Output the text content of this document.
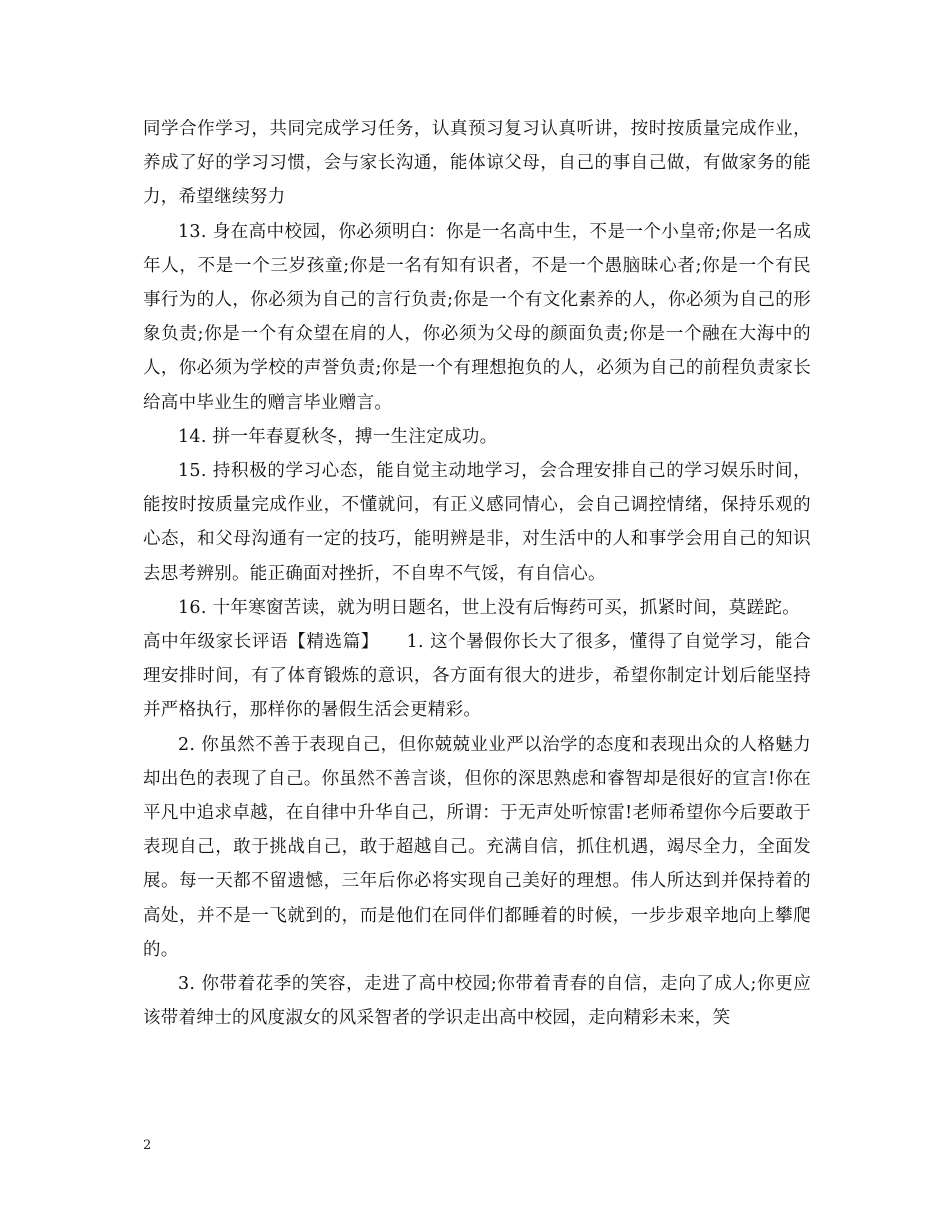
同学合作学习，共同完成学习任务，认真预习复习认真听讲，按时按质量完成作业，养成了好的学习习惯，会与家长沟通，能体谅父母，自己的事自己做，有做家务的能力，希望继续努力

13. 身在高中校园，你必须明白：你是一名高中生，不是一个小皇帝;你是一名成年人，不是一个三岁孩童;你是一名有知有识者，不是一个愚脑昧心者;你是一个有民事行为的人，你必须为自己的言行负责;你是一个有文化素养的人，你必须为自己的形象负责;你是一个有众望在肩的人，你必须为父母的颜面负责;你是一个融在大海中的人，你必须为学校的声誉负责;你是一个有理想抱负的人，必须为自己的前程负责家长给高中毕业生的赠言毕业赠言。

14. 拼一年春夏秋冬，搏一生注定成功。

15. 持积极的学习心态，能自觉主动地学习，会合理安排自己的学习娱乐时间，能按时按质量完成作业，不懂就问，有正义感同情心，会自己调控情绪，保持乐观的心态，和父母沟通有一定的技巧，能明辨是非，对生活中的人和事学会用自己的知识去思考辨别。能正确面对挫折，不自卑不气馁，有自信心。

16. 十年寒窗苦读，就为明日题名，世上没有后悔药可买，抓紧时间，莫蹉跎。

高中年级家长评语【精选篇】　　1. 这个暑假你长大了很多，懂得了自觉学习，能合理安排时间，有了体育锻炼的意识，各方面有很大的进步，希望你制定计划后能坚持并严格执行，那样你的暑假生活会更精彩。

2. 你虽然不善于表现自己，但你兢兢业业严以治学的态度和表现出众的人格魅力却出色的表现了自己。你虽然不善言谈，但你的深思熟虑和睿智却是很好的宣言!你在平凡中追求卓越，在自律中升华自己，所谓：于无声处听惊雷!老师希望你今后要敢于表现自己，敢于挑战自己，敢于超越自己。充满自信，抓住机遇，竭尽全力，全面发展。每一天都不留遗憾，三年后你必将实现自己美好的理想。伟人所达到并保持着的高处，并不是一飞就到的，而是他们在同伴们都睡着的时候，一步步艰辛地向上攀爬的。

3. 你带着花季的笑容，走进了高中校园;你带着青春的自信，走向了成人;你更应该带着绅士的风度淑女的风采智者的学识走出高中校园，走向精彩未来，笑

2
